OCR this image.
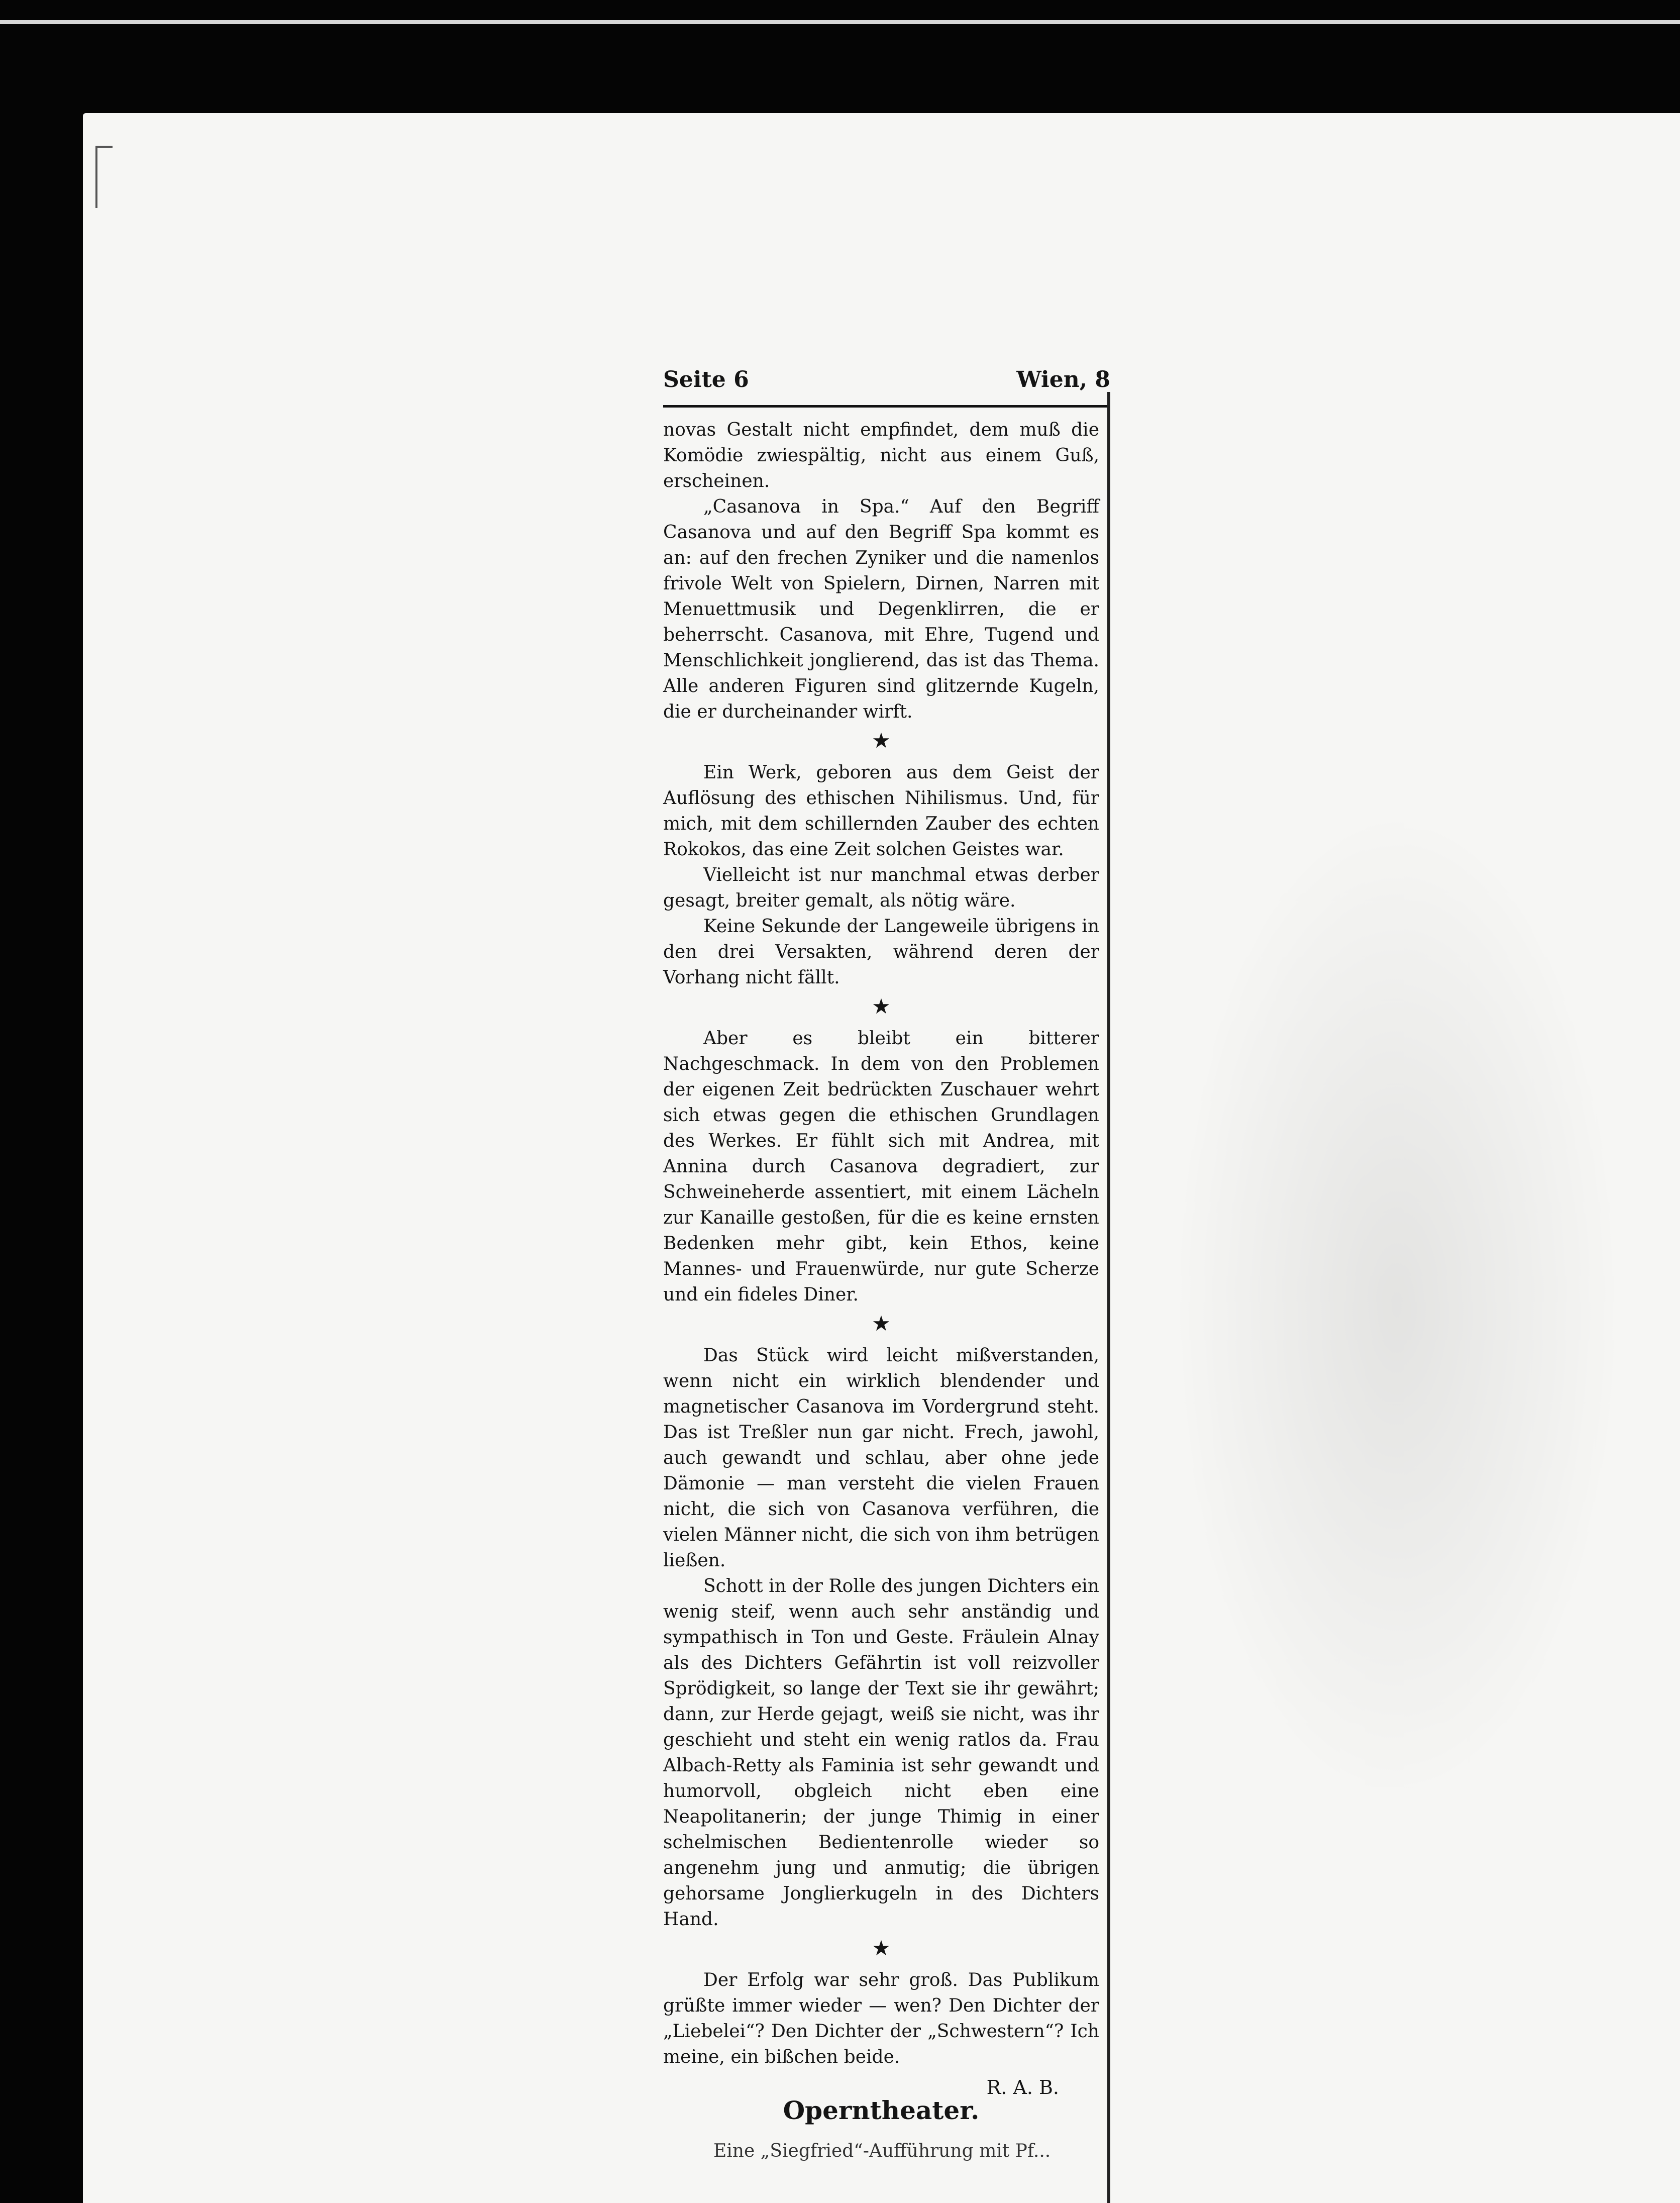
Seite 6	Wien, 8

novas Gestalt nicht empfindet, dem muß die Komödie zwiespältig, nicht aus einem Guß, erscheinen.

„Casanova in Spa.“ Auf den Begriff Casanova und auf den Begriff Spa kommt es an: auf den frechen Zyniker und die namenlos frivole Welt von Spielern, Dirnen, Narren mit Menuettmusik und Degenklirren, die er beherrscht. Casanova, mit Ehre, Tugend und Menschlichkeit jonglierend, das ist das Thema. Alle anderen Figuren sind glitzernde Kugeln, die er durcheinander wirft.

★

Ein Werk, geboren aus dem Geist der Auflösung des ethischen Nihilismus. Und, für mich, mit dem schillernden Zauber des echten Rokokos, das eine Zeit solchen Geistes war.

Vielleicht ist nur manchmal etwas derber gesagt, breiter gemalt, als nötig wäre.

Keine Sekunde der Langeweile übrigens in den drei Versakten, während deren der Vorhang nicht fällt.

★

Aber es bleibt ein bitterer Nachgeschmack. In dem von den Problemen der eigenen Zeit bedrückten Zuschauer wehrt sich etwas gegen die ethischen Grundlagen des Werkes. Er fühlt sich mit Andrea, mit Annina durch Casanova degradiert, zur Schweineherde assentiert, mit einem Lächeln zur Kanaille gestoßen, für die es keine ernsten Bedenken mehr gibt, kein Ethos, keine Mannes- und Frauenwürde, nur gute Scherze und ein fideles Diner.

★

Das Stück wird leicht mißverstanden, wenn nicht ein wirklich blendender und magnetischer Casanova im Vordergrund steht. Das ist Treßler nun gar nicht. Frech, jawohl, auch gewandt und schlau, aber ohne jede Dämonie — man versteht die vielen Frauen nicht, die sich von Casanova verführen, die vielen Männer nicht, die sich von ihm betrügen ließen.

Schott in der Rolle des jungen Dichters ein wenig steif, wenn auch sehr anständig und sympathisch in Ton und Geste. Fräulein Alnay als des Dichters Gefährtin ist voll reizvoller Sprödigkeit, so lange der Text sie ihr gewährt; dann, zur Herde gejagt, weiß sie nicht, was ihr geschieht und steht ein wenig ratlos da. Frau Albach-Retty als Faminia ist sehr gewandt und humorvoll, obgleich nicht eben eine Neapolitanerin; der junge Thimig in einer schelmischen Bedientenrolle wieder so angenehm jung und anmutig; die übrigen gehorsame Jonglierkugeln in des Dichters Hand.

★

Der Erfolg war sehr groß. Das Publikum grüßte immer wieder — wen? Den Dichter der „Liebelei“? Den Dichter der „Schwestern“? Ich meine, ein bißchen beide.

R. A. B.
Operntheater.
Eine „Siegfried“-Aufführung mit Pf...
